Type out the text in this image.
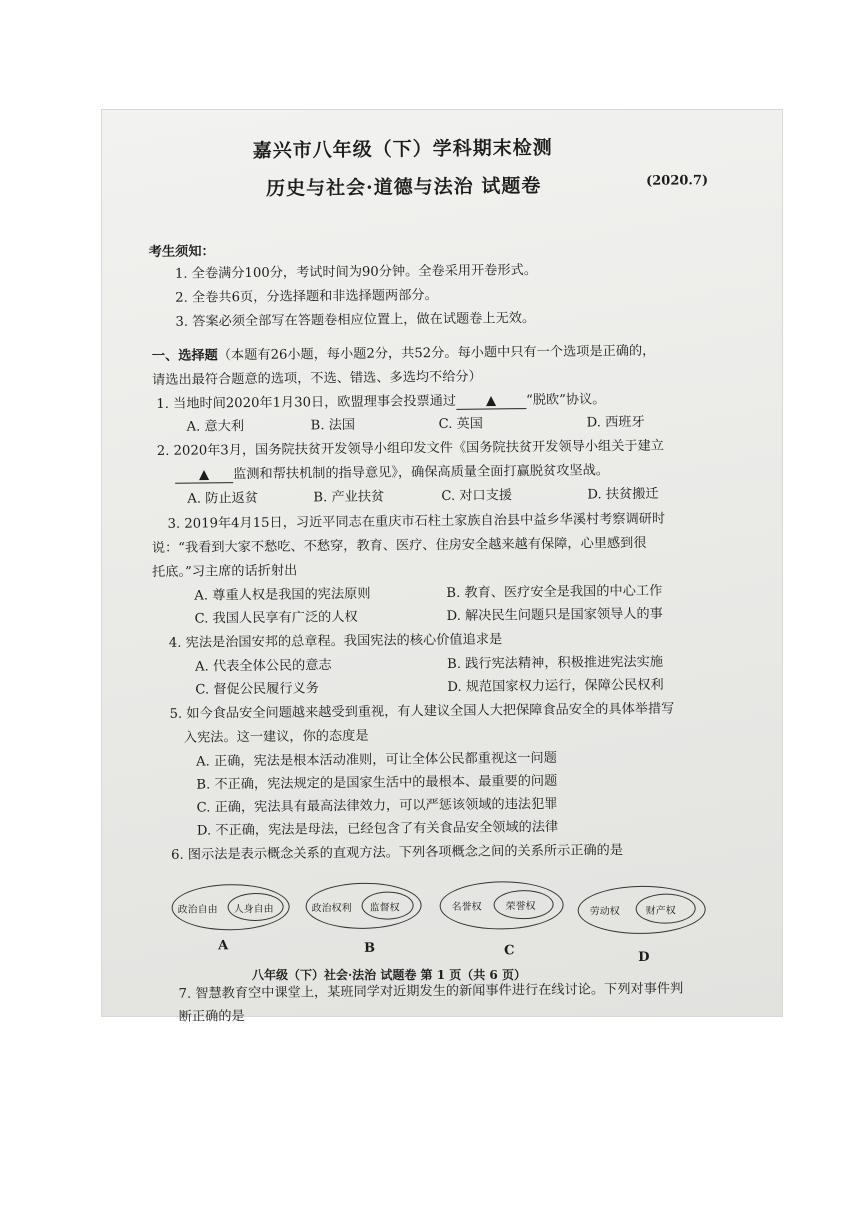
嘉兴市八年级（下）学科期末检测
历史与社会·道德与法治 试题卷	(2020.7)
考生须知：
1. 全卷满分100分，考试时间为90分钟。全卷采用开卷形式。
2. 全卷共6页，分选择题和非选择题两部分。
3. 答案必须全部写在答题卷相应位置上，做在试题卷上无效。
一、选择题（本题有26小题，每小题2分，共52分。每小题中只有一个选项是正确的，
请选出最符合题意的选项，不选、错选、多选均不给分）
1. 当地时间2020年1月30日，欧盟理事会投票通过 ▲ “脱欧”协议。
A. 意大利	B. 法国	C. 英国	D. 西班牙
2. 2020年3月，国务院扶贫开发领导小组印发文件《国务院扶贫开发领导小组关于建立
▲ 监测和帮扶机制的指导意见》，确保高质量全面打赢脱贫攻坚战。
A. 防止返贫	B. 产业扶贫	C. 对口支援	D. 扶贫搬迁
3. 2019年4月15日，习近平同志在重庆市石柱土家族自治县中益乡华溪村考察调研时
说：“我看到大家不愁吃、不愁穿，教育、医疗、住房安全越来越有保障，心里感到很
托底。”习主席的话折射出
A. 尊重人权是我国的宪法原则	B. 教育、医疗安全是我国的中心工作
C. 我国人民享有广泛的人权	D. 解决民生问题只是国家领导人的事
4. 宪法是治国安邦的总章程。我国宪法的核心价值追求是
A. 代表全体公民的意志	B. 践行宪法精神，积极推进宪法实施
C. 督促公民履行义务	D. 规范国家权力运行，保障公民权利
5. 如今食品安全问题越来越受到重视，有人建议全国人大把保障食品安全的具体举措写
入宪法。这一建议，你的态度是
A. 正确，宪法是根本活动准则，可让全体公民都重视这一问题
B. 不正确，宪法规定的是国家生活中的最根本、最重要的问题
C. 正确，宪法具有最高法律效力，可以严惩该领域的违法犯罪
D. 不正确，宪法是母法，已经包含了有关食品安全领域的法律
6. 图示法是表示概念关系的直观方法。下列各项概念之间的关系所示正确的是
政治自由 人身自由
A
政治权利 监督权
B
名誉权 荣誉权
C
劳动权	财产权
D
7. 智慧教育空中课堂上，某班同学对近期发生的新闻事件进行在线讨论。下列对事件判
断正确的是
八年级（下）社会·法治 试题卷 第 1 页（共 6 页）
